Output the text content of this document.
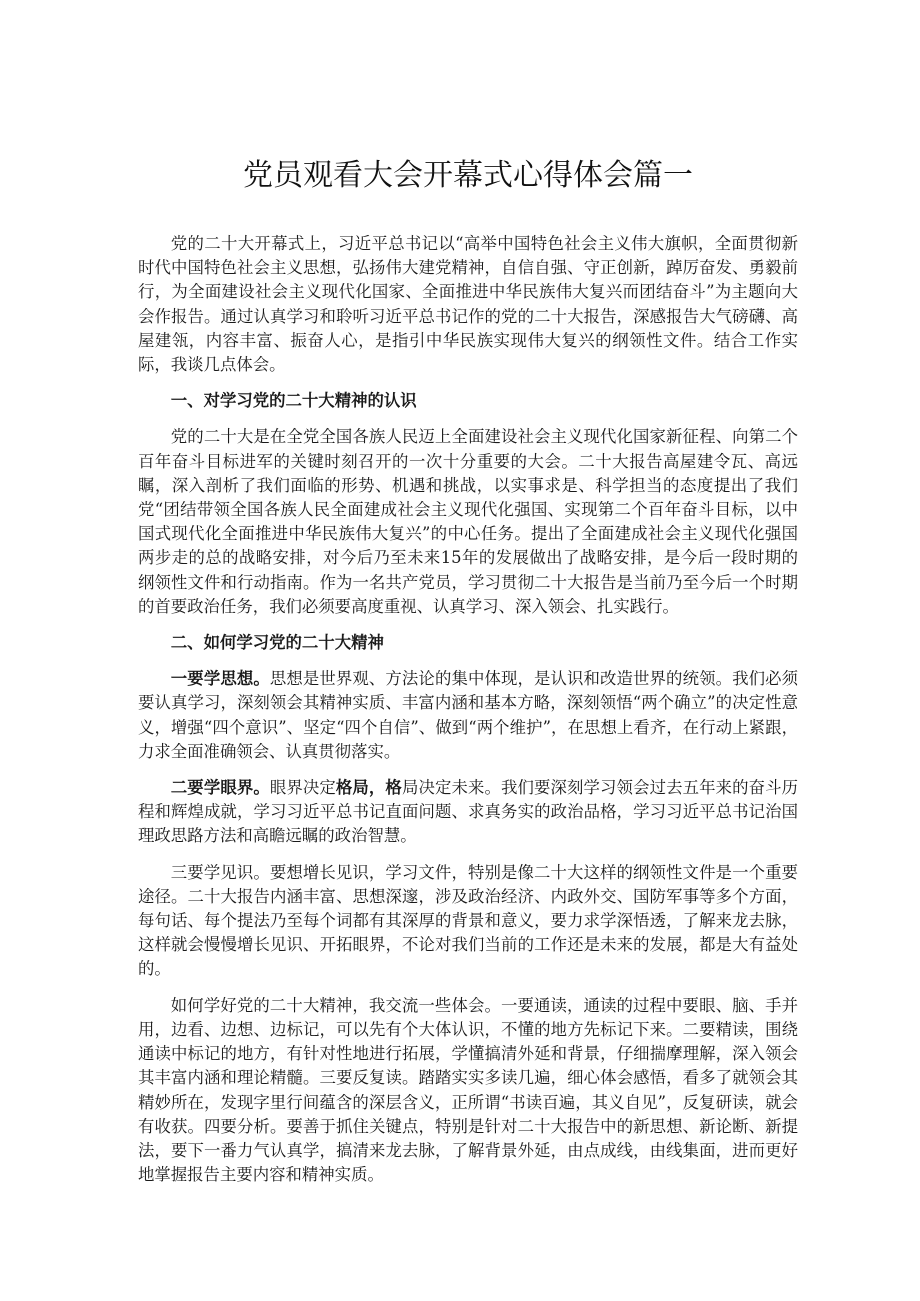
党员观看大会开幕式心得体会篇一

党的二十大开幕式上，习近平总书记以“高举中国特色社会主义伟大旗帜，全面贯彻新时代中国特色社会主义思想，弘扬伟大建党精神，自信自强、守正创新，踔厉奋发、勇毅前行，为全面建设社会主义现代化国家、全面推进中华民族伟大复兴而团结奋斗”为主题向大会作报告。通过认真学习和聆听习近平总书记作的党的二十大报告，深感报告大气磅礴、高屋建瓴，内容丰富、振奋人心，是指引中华民族实现伟大复兴的纲领性文件。结合工作实际，我谈几点体会。

一、对学习党的二十大精神的认识

党的二十大是在全党全国各族人民迈上全面建设社会主义现代化国家新征程、向第二个百年奋斗目标进军的关键时刻召开的一次十分重要的大会。二十大报告高屋建令瓦、高远瞩，深入剖析了我们面临的形势、机遇和挑战，以实事求是、科学担当的态度提出了我们党“团结带领全国各族人民全面建成社会主义现代化强国、实现第二个百年奋斗目标，以中国式现代化全面推进中华民族伟大复兴”的中心任务。提出了全面建成社会主义现代化强国两步走的总的战略安排，对今后乃至未来15年的发展做出了战略安排，是今后一段时期的纲领性文件和行动指南。作为一名共产党员，学习贯彻二十大报告是当前乃至今后一个时期的首要政治任务，我们必须要高度重视、认真学习、深入领会、扎实践行。

二、如何学习党的二十大精神

一要学思想。思想是世界观、方法论的集中体现，是认识和改造世界的统领。我们必须要认真学习，深刻领会其精神实质、丰富内涵和基本方略，深刻领悟“两个确立”的决定性意义，增强“四个意识”、坚定“四个自信”、做到“两个维护”，在思想上看齐，在行动上紧跟，力求全面准确领会、认真贯彻落实。

二要学眼界。眼界决定格局，格局决定未来。我们要深刻学习领会过去五年来的奋斗历程和辉煌成就，学习习近平总书记直面问题、求真务实的政治品格，学习习近平总书记治国理政思路方法和高瞻远瞩的政治智慧。

三要学见识。要想增长见识，学习文件，特别是像二十大这样的纲领性文件是一个重要途径。二十大报告内涵丰富、思想深邃，涉及政治经济、内政外交、国防军事等多个方面，每句话、每个提法乃至每个词都有其深厚的背景和意义，要力求学深悟透，了解来龙去脉，这样就会慢慢增长见识、开拓眼界，不论对我们当前的工作还是未来的发展，都是大有益处的。

如何学好党的二十大精神，我交流一些体会。一要通读，通读的过程中要眼、脑、手并用，边看、边想、边标记，可以先有个大体认识，不懂的地方先标记下来。二要精读，围绕通读中标记的地方，有针对性地进行拓展，学懂搞清外延和背景，仔细揣摩理解，深入领会其丰富内涵和理论精髓。三要反复读。踏踏实实多读几遍，细心体会感悟，看多了就领会其精妙所在，发现字里行间蕴含的深层含义，正所谓“书读百遍，其义自见”，反复研读，就会有收获。四要分析。要善于抓住关键点，特别是针对二十大报告中的新思想、新论断、新提法，要下一番力气认真学，搞清来龙去脉，了解背景外延，由点成线，由线集面，进而更好地掌握报告主要内容和精神实质。
